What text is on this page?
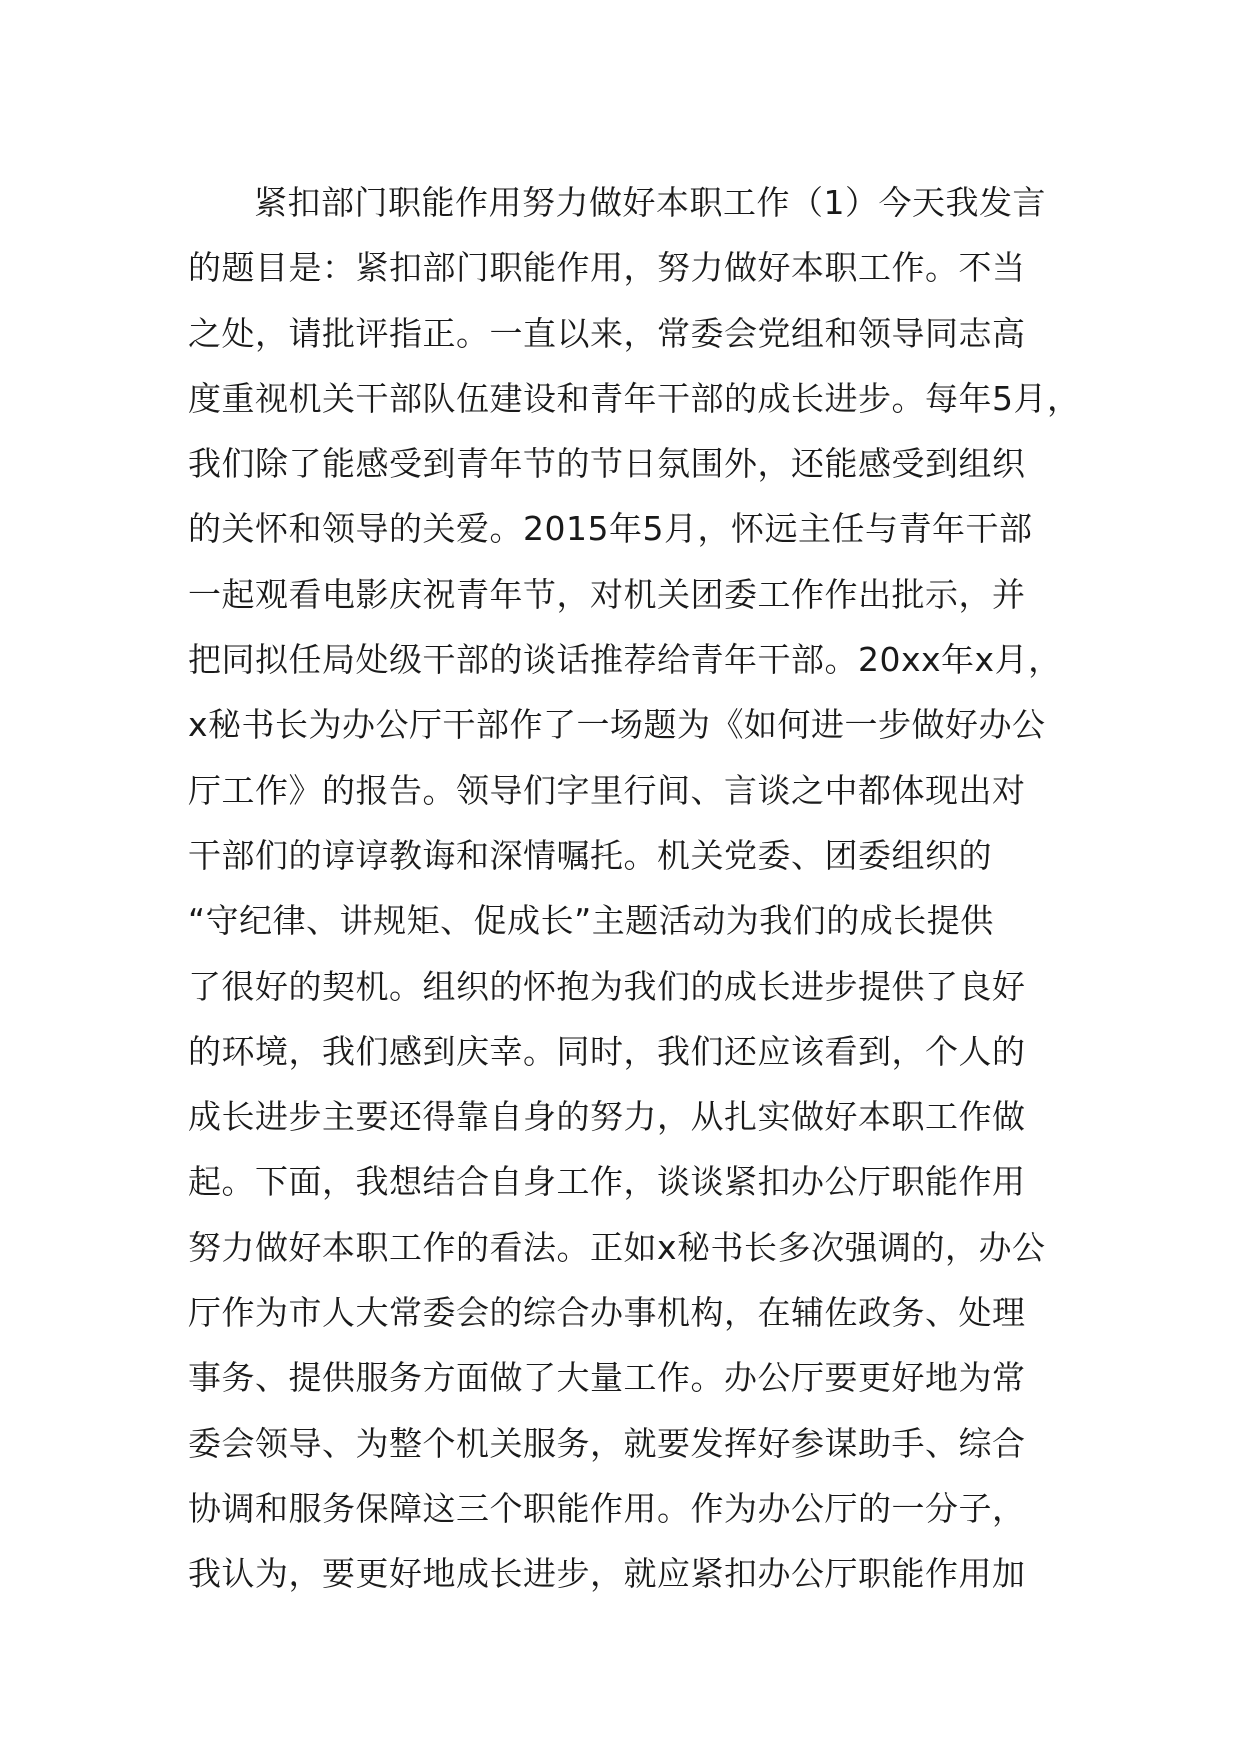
紧扣部门职能作用努力做好本职工作（1）今天我发言
的题目是：紧扣部门职能作用，努力做好本职工作。不当
之处，请批评指正。一直以来，常委会党组和领导同志高
度重视机关干部队伍建设和青年干部的成长进步。每年5月，
我们除了能感受到青年节的节日氛围外，还能感受到组织
的关怀和领导的关爱。2015年5月，怀远主任与青年干部
一起观看电影庆祝青年节，对机关团委工作作出批示，并
把同拟任局处级干部的谈话推荐给青年干部。20xx年x月，
x秘书长为办公厅干部作了一场题为《如何进一步做好办公
厅工作》的报告。领导们字里行间、言谈之中都体现出对
干部们的谆谆教诲和深情嘱托。机关党委、团委组织的
“守纪律、讲规矩、促成长”主题活动为我们的成长提供
了很好的契机。组织的怀抱为我们的成长进步提供了良好
的环境，我们感到庆幸。同时，我们还应该看到，个人的
成长进步主要还得靠自身的努力，从扎实做好本职工作做
起。下面，我想结合自身工作，谈谈紧扣办公厅职能作用
努力做好本职工作的看法。正如x秘书长多次强调的，办公
厅作为市人大常委会的综合办事机构，在辅佐政务、处理
事务、提供服务方面做了大量工作。办公厅要更好地为常
委会领导、为整个机关服务，就要发挥好参谋助手、综合
协调和服务保障这三个职能作用。作为办公厅的一分子，
我认为，要更好地成长进步，就应紧扣办公厅职能作用加
